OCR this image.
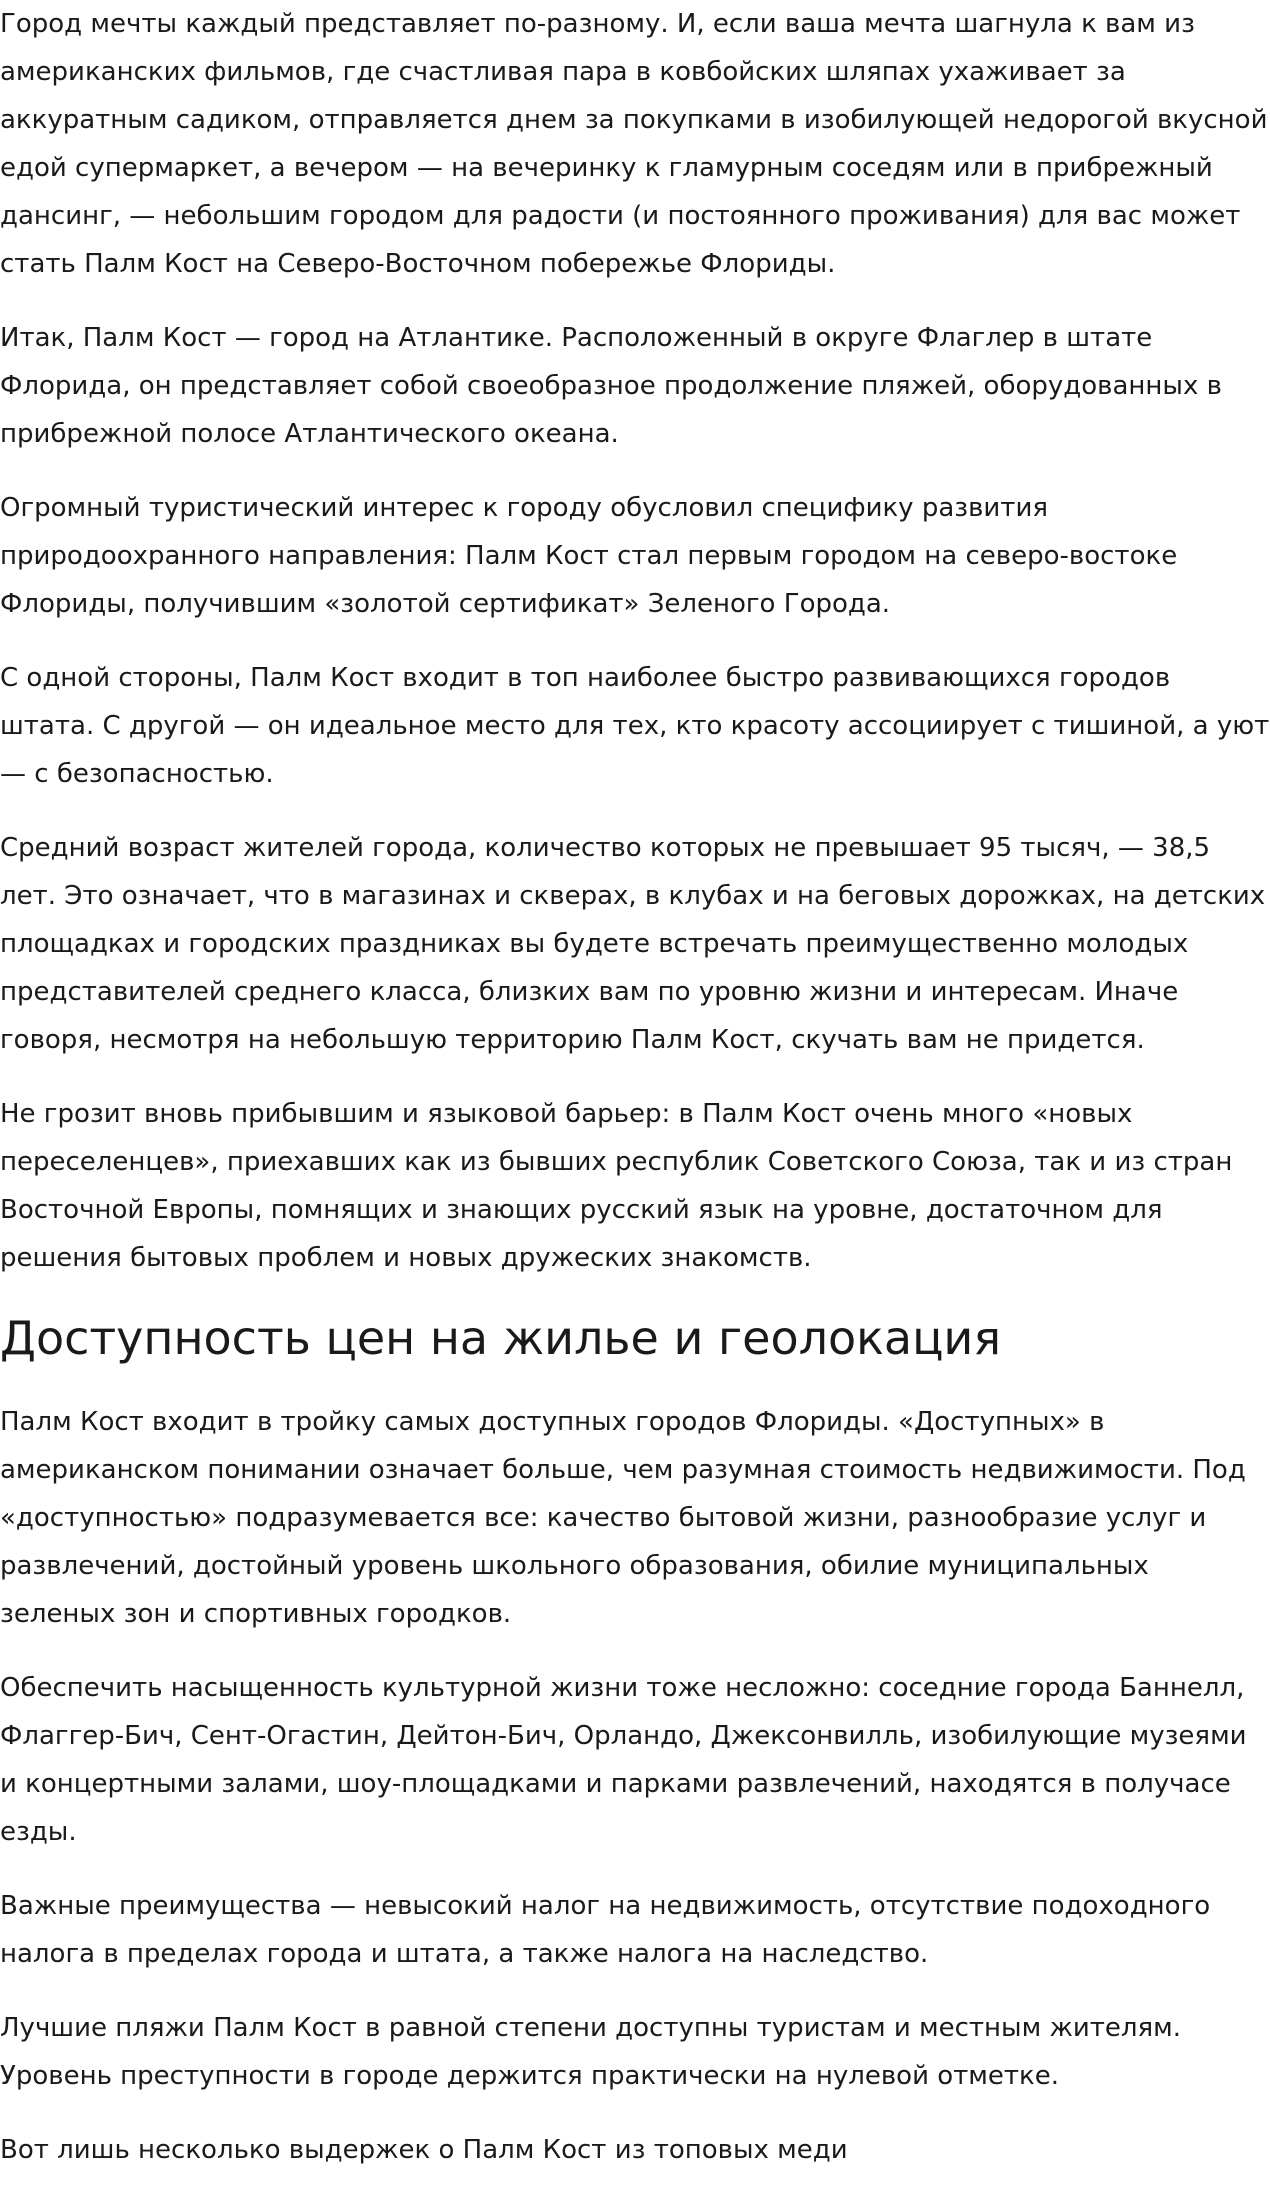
Город мечты каждый представляет по-разному. И, если ваша мечта шагнула к вам из американских фильмов, где счастливая пара в ковбойских шляпах ухаживает за аккуратным садиком, отправляется днем за покупками в изобилующей недорогой вкусной едой супермаркет, а вечером — на вечеринку к гламурным соседям или в прибрежный дансинг, — небольшим городом для радости (и постоянного проживания) для вас может стать Палм Кост на Северо-Восточном побережье Флориды.

Итак, Палм Кост — город на Атлантике. Расположенный в округе Флаглер в штате Флорида, он представляет собой своеобразное продолжение пляжей, оборудованных в прибрежной полосе Атлантического океана.

Огромный туристический интерес к городу обусловил специфику развития природоохранного направления: Палм Кост стал первым городом на северо-востоке Флориды, получившим «золотой сертификат» Зеленого Города.

С одной стороны, Палм Кост входит в топ наиболее быстро развивающихся городов штата. С другой — он идеальное место для тех, кто красоту ассоциирует с тишиной, а уют — с безопасностью.

Средний возраст жителей города, количество которых не превышает 95 тысяч, — 38,5 лет. Это означает, что в магазинах и скверах, в клубах и на беговых дорожках, на детских площадках и городских праздниках вы будете встречать преимущественно молодых представителей среднего класса, близких вам по уровню жизни и интересам. Иначе говоря, несмотря на небольшую территорию Палм Кост, скучать вам не придется.

Не грозит вновь прибывшим и языковой барьер: в Палм Кост очень много «новых переселенцев», приехавших как из бывших республик Советского Союза, так и из стран Восточной Европы, помнящих и знающих русский язык на уровне, достаточном для решения бытовых проблем и новых дружеских знакомств.

Доступность цен на жилье и геолокация

Палм Кост входит в тройку самых доступных городов Флориды. «Доступных» в американском понимании означает больше, чем разумная стоимость недвижимости. Под «доступностью» подразумевается все: качество бытовой жизни, разнообразие услуг и развлечений, достойный уровень школьного образования, обилие муниципальных зеленых зон и спортивных городков.

Обеспечить насыщенность культурной жизни тоже несложно: соседние города Баннелл, Флаггер-Бич, Сент-Огастин, Дейтон-Бич, Орландо, Джексонвилль, изобилующие музеями и концертными залами, шоу-площадками и парками развлечений, находятся в получасе езды.

Важные преимущества — невысокий налог на недвижимость, отсутствие подоходного налога в пределах города и штата, а также налога на наследство.

Лучшие пляжи Палм Кост в равной степени доступны туристам и местным жителям. Уровень преступности в городе держится практически на нулевой отметке.

Вот лишь несколько выдержек о Палм Кост из топовых меди
